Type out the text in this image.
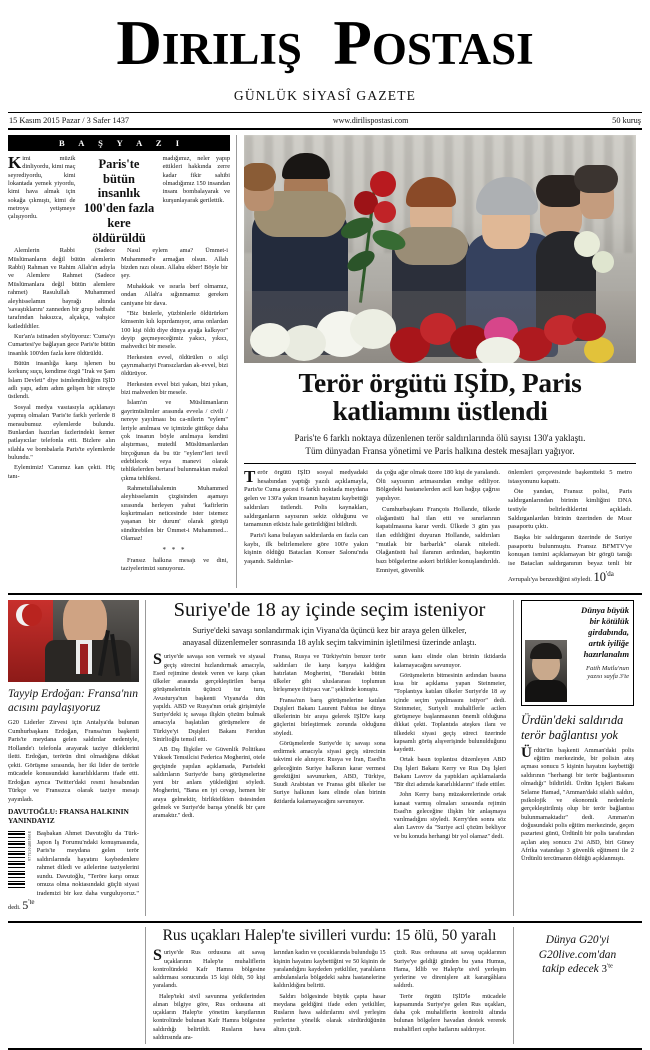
DIRILIŞ POSTASI
GÜNLÜK SİYASÎ GAZETE
15 Kasım 2015 Pazar / 3 Safer 1437	www.dirilispostasi.com	50 kuruş
B A Ş Y A Z I

Kimi müzik dinliyordu, kimi maç seyrediyordu, kimi lokantada yemek yiyordu, kimi hava almak için sokağa çıkmıştı, kimi de metroya yetişmeye çalışıyordu.

Paris'te bütün insanlık 100'den fazla kere öldürüldü

madığımız, neler yapıp ettikleri hakkında zerre kadar fikir sahibi olmadığımız 150 insandan insanı bombalayarak ve kurşunlayarak gerilettik.

Alemlerin Rabbi (Sadece Müslümanların değil bütün alemlerin Rabbi) Rahman ve Rahim Allah'ın adıyla ve Alemlere Rahmet (Sadece Müslümanlara değil bütün alemlere rahmet) Rasulullah Muhammed aleyhisselamın bayrağı altında 'savaştıklarını' zanneden bir grup bedbaht tarafından haksızca, alçakça, vahşice katledildiler.

Kur'an'a istinaden söylüyoruz: 'Cuma'yı Cumartesi'ye bağlayan gece Paris'te bütün insanlık 100'den fazla kere öldürüldü.

Bütün insanlığa karşı işlenen bu korkunç suçu, kendime özgü "Irak ve Şam İslam Devleti" diye isimlendirdiğim IŞİD adlı yapı, adım adım gelişen bir süreçte üstlendi.

Sosyal medya vasıtasıyla açıklanayı yapmış olmaları 'Paris'te farklı yerlerde 8 mensubumuz eylemlerde bulundu. Bunlardan hazırlan fazlerindeki kemer patlayıcılar telefonla etti. Bizlere alın silahla ve bombalarla Paris'te eylemlerde bulundu."

Eylemimiz! 'Canımız kan çekti. Hiç tanı-

Nasıl eylem ama? Ümmet-i Muhammed'e armağan olsun. Allah bizden razı olsun. Allahu ekber! Böyle bir şey.

Muhakkak ve ısrarla berf olmamız, ondan Allah'a sığınmamız gereken caniyane bir dava.

"Biz binlerle, yüzbinlerle öldürürken kimsenin kılı kıpırdamıyor, ama onlardan 100 kişi öldü diye dünya ayağa kalkıyor" deyip geçmeyeceğimiz yakıcı, yıkıcı, mahvedici bir mesele.

Herkesten evvel, öldürülen o silçi çayrımahariyi Fransızlardan ak-evvel, bizi öldürüyor.

Herkesten evvel bizi yakan, bizi yıkan, bizi mahveden bir mesele.

İslam'ın ve Müslümanların gayrimüslimler arasında evvela / civili / nereye yayılması bu ca-nilerin "eylem" leriyle anılması ve içimizde gittikçe daha çok insanın böyle anılmaya kendini alıştırması, mutedil Müslümanlardan birçoğunun da bu tür "eylem"leri tevil edebilecek veya manevi olarak tehlikelerden bertaraf bulunmaktan makul çıkma tehlikesi.

Rahmetullahalemin Muhammed aleyhisselamin çizgisinden aşamayı sırasında herleyen yahut 'kafirlerin kışkırtmaları neticesinde ister istemez yaşanan bir durum' olarak görüşü sündürebilen bir Ümmet-i Muhammed... Olamaz!

* * *

Fransız halkına mesajı ve dini, taziyelerimizi sunuyoruz.

Terör örgütü IŞİD, Paris katliamını üstlendi
Paris'te 6 farklı noktaya düzenlenen terör saldırılarında ölü sayısı 130'a yaklaştı.
Tüm dünyadan Fransa yönetimi ve Paris halkına destek mesajları yağıyor.

Terör örgütü IŞİD sosyal medyadaki hesabından yaptığı yazılı açıklamayla, Paris'te Cuma gecesi 6 farklı noktada meydana gelen ve 130'a yakın insanın hayatını kaybettiği saldırıları üstlendi. Polis kaynakları, saldırganların sayısının sekiz olduğunu ve tamamının etkisiz hale getirildiğini bildirdi.

Paris'i kana bulayan saldırılarda en fazla can kaybı, ilk belirlemelere göre 100'e yakın kişinin öldüğü Bataclan Konser Salonu'nda yaşandı. Saldırılar-

da çoğu ağır olmak üzere 180 kişi de yaralandı. Ölü sayısının artmasından endişe ediliyor. Bölgedeki hastanelerden acil kan bağışı çağrısı yapılıyor.

Cumhurbaşkanı François Hollande, ülkede olağanüstü hal ilan etti ve sınırlarının kapatılmasına karar verdi. Ülkede 3 gün yas ilan edildiğini duyuran Hollande, saldırıları "mutlak bir barbarlık" olarak niteledi. Olağanüstü hal ilanının ardından, başkentin bazı bölgelerine askeri birlikler konuşlandırıldı. Emniyet, güvenlik

önlemleri çerçevesinde başkentteki 5 metro istasyonunu kapattı.

Öte yandan, Fransız polisi, Paris saldırganlarından birinin kimliğini DNA testiyle belirlediklerini açıkladı. Saldırganlardan birinin üzerinden de Mısır pasaportu çıktı.

Başka bir saldırganın üzerinde de Suriye pasaportu bulunmuştu. Fransız BFMTV'ye konuşan ismini açıklamayan bir görgü tanığı ise Bataclan saldırganının beyaz tenli bir Avrupalı'ya benzediğini söyledi. $10^{'da}$

Tayyip Erdoğan: Fransa'nın acısını paylaşıyoruz

G20 Liderler Zirvesi için Antalya'da bulunan Cumhurbaşkanı Erdoğan, Fransa'nın başkenti Paris'te meydana gelen saldırılar nedeniyle, Hollande'ı telefonla arayarak taziye dileklerini iletti. Erdoğan, terörün dini olmadığına dikkat çekti. Görüşme sırasında, her iki lider de terörle mücadele konusundaki kararlılıklarını ifade etti. Erdoğan ayrıca Twitter'daki resmi hesabından Türkçe ve Fransızca olarak taziye mesajı yayınladı.

DAVUTOĞLU: FRANSA HALKININ YANINDAYIZ
9771304885008 Başbakan Ahmet Davutoğlu da Türk-Japon İş Forumu'ndaki konuşmasında, Paris'te meydana gelen terör saldırılarında hayatını kaybedenlere rahmet diledi ve ailelerine taziyelerini sundu. Davutoğlu, "Teröre karşı omuz omuza olma noktasındaki güçlü siyasi irademizi bir kez daha vurguluyoruz." dedi. $5^{'te}$

Suriye'de 18 ay içinde seçim isteniyor
Suriye'deki savaşı sonlandırmak için Viyana'da üçüncü kez bir araya gelen ülkeler,
anayasal düzenlemeler sonrasında 18 aylık seçim takviminin işletilmesi üzerinde anlaştı.

Suriye'de savaşa son vermek ve siyasal geçiş sürecini hızlandırmak amacıyla, Esed rejimine destek veren ve karşı çıkan ülkeler arasında gerçekleştirilen barışa görüşmelerinin üçüncü tur turu, Avusturya'nın başkenti Viyana'da dün yapıldı. ABD ve Rusya'nın ortak girişimiyle Suriye'deki iç savaşa ilişkin çözüm bulmak amacıyla başlatılan görüşmelere de Türkiye'yi Dışişleri Bakanı Feridun Sinirlioğlu temsil etti.

AB Dış İlişkiler ve Güvenlik Politikası Yüksek Temsilcisi Federica Mogherini, otele geçişinde yapılan açıklamada, Parisdeki saldırıların Suriye'de barış görüşmelerine yeni bir anlam yüklediğini söyledi. Mogherini, "Bana en iyi cevap, hemen bir araya gelmektir, birliktelikten üstesinden gelmek ve Suriye'de barışa yönelik bir çare aramaktır." dedi.

Fransa, Rusya ve Türkiye'nin benzer terör saldırıları ile karşı karşıya kaldığını hatırlatan Mogherini, "Buradaki bütün ülkeler gibi uluslararası toplumun birleşmeye ihtiyacı var." şeklinde konuştu.

Fransa'nın barış görüşmelerine katılan Dışişleri Bakanı Laurent Fabius ise dünya ülkelerinin bir araya gelerek IŞİD'e karşı güçlerini birleştirmek zorunda olduğunu söyledi.

Görüşmelerde Suriye'de iç savaşı sona erdirmek amacıyla siyasi geçiş sürecinin takvimi ele alınıyor. Rusya ve İran, Esed'in geleceğinin Suriye halkının karar vermesi gerektiğini savunurken, ABD, Türkiye, Suudi Arabistan ve Fransa gibi ülkeler ise Suriye halkının kanı elinde olan birinin iktidarda kalamayacağını savunuyor.

sanın kanı elinde olan birinin iktidarda kalamayacağını savunuyor.

Görüşmelerin bitmesinin ardından basına kısa bir açıklama yapan Steinmeier, "Toplantıya katılan ülkeler Suriye'de 18 ay içinde seçim yapılmasını istiyor" dedi. Steinmeier, Suriyeli muhaliflerle acilen görüşmeye başlanmasının önemli olduğuna dikkat çekti. Toplantıda ateşkes ilanı ve ülkedeki siyasi geçiş süreci üzerinde kapsamlı görüş alışverişinde bulunulduğunu kaydetti.

Ortak basın toplantısı düzenleyen ABD Dış İşleri Bakanı Kerry ve Rus Dış İşleri Bakanı Lavrov da yaptıkları açıklamalarda "Bir dizi adımda kararlılıklarını" ifade ettiler.

John Kerry barış müzakerelerinde ortak kanaat varmış olmaları sırasında rejimin Esad'ın geleceğine ilişkin bir anlaşmaya varılmadığını söyledi. Kerry'den sonra söz alan Lavrov da "Suriye acil çözüm bekliyor ve bu konuda herhangi bir yol olamaz" dedi.

Dünya büyük
bir kötülük
girdabında,
artık iyiliğe
hazırlanalım
Fatih Mutlu'nun
yazısı sayfa 3'te
Ürdün'deki saldırıda terör bağlantısı yok

Ürdün'ün başkenti Amman'daki polis eğitim merkezinde, bir polisin ateş açması sonucu 5 kişinin hayatını kaybettiği saldırının "herhangi bir terör bağlantısının olmadığı" bildirildi. Ürdün İçişleri Bakanı Selame Hamad, "Amman'daki silahlı saldırı, psikolojik ve ekonomik nedenlerle gerçekleştirilmiş olup bir terör bağlantısı bulunmamaktadır" dedi. Amman'ın doğusundaki polis eğitim merkezinde, geçen pazartesi günü, Ürdünlü bir polis tarafından açılan ateş sonucu 2'si ABD, biri Güney Afrika vatandaşı 3 güvenlik eğitmeni ile 2 Ürdünlü tercümanın öldüğü açıklanmıştı.

Rus uçakları Halep'te sivilleri vurdu: 15 ölü, 50 yaralı

Suriye'de Rus ordusuna ait savaş uçaklarının Halep'te muhaliflerin kontrolündeki Kafr Hamra bölgesine saldırması sonucunda 15 kişi öldü, 50 kişi yaralandı.

Halep'teki sivil savunma yetkilerinden alınan bilgiye göre, Rus ordusuna ait uçakların Halep'te yönetim karşıtlarının kontrolünde bulunan Kafr Hamra bölgesine saldırdığı belirtildi. Rusların hava saldırısında ara-

larından kadın ve çocuklarında bulunduğu 15 kişinin hayatını kaybettiğini ve 50 kişinin de yaralandığını kaydeden yetkililer, yaralıların ambulanslarla bölgedeki sahra hastanelerine kaldırıldığını belirtti.

Saldırı bölgesinde büyük çapta hasar meydana geldiğini ifade eden yetkililer, Rusların hava saldırılarını sivil yerleşim yerlerine yönelik olarak sürdürdüğünün altını çizdi.

çizdi. Rus ordusuna ait savaş uçaklarının Suriye'ye geldiği günden bu yana Humus, Hama, İdlib ve Halep'te sivil yerleşim yerlerine ve direnişlere ait karargâhlara saldırdı.

Terör örgütü IŞİD'le mücadele kapsamında Suriye'ye gelen Rus uçakları, daha çok muhaliflerin kontrolü altında bulunan bölgelere havadan destek vererek muhalifleri cephe hatlarını saldırıyor.

Dünya G20'yi
G20live.com'dan
takip edecek $3^{'te}$
